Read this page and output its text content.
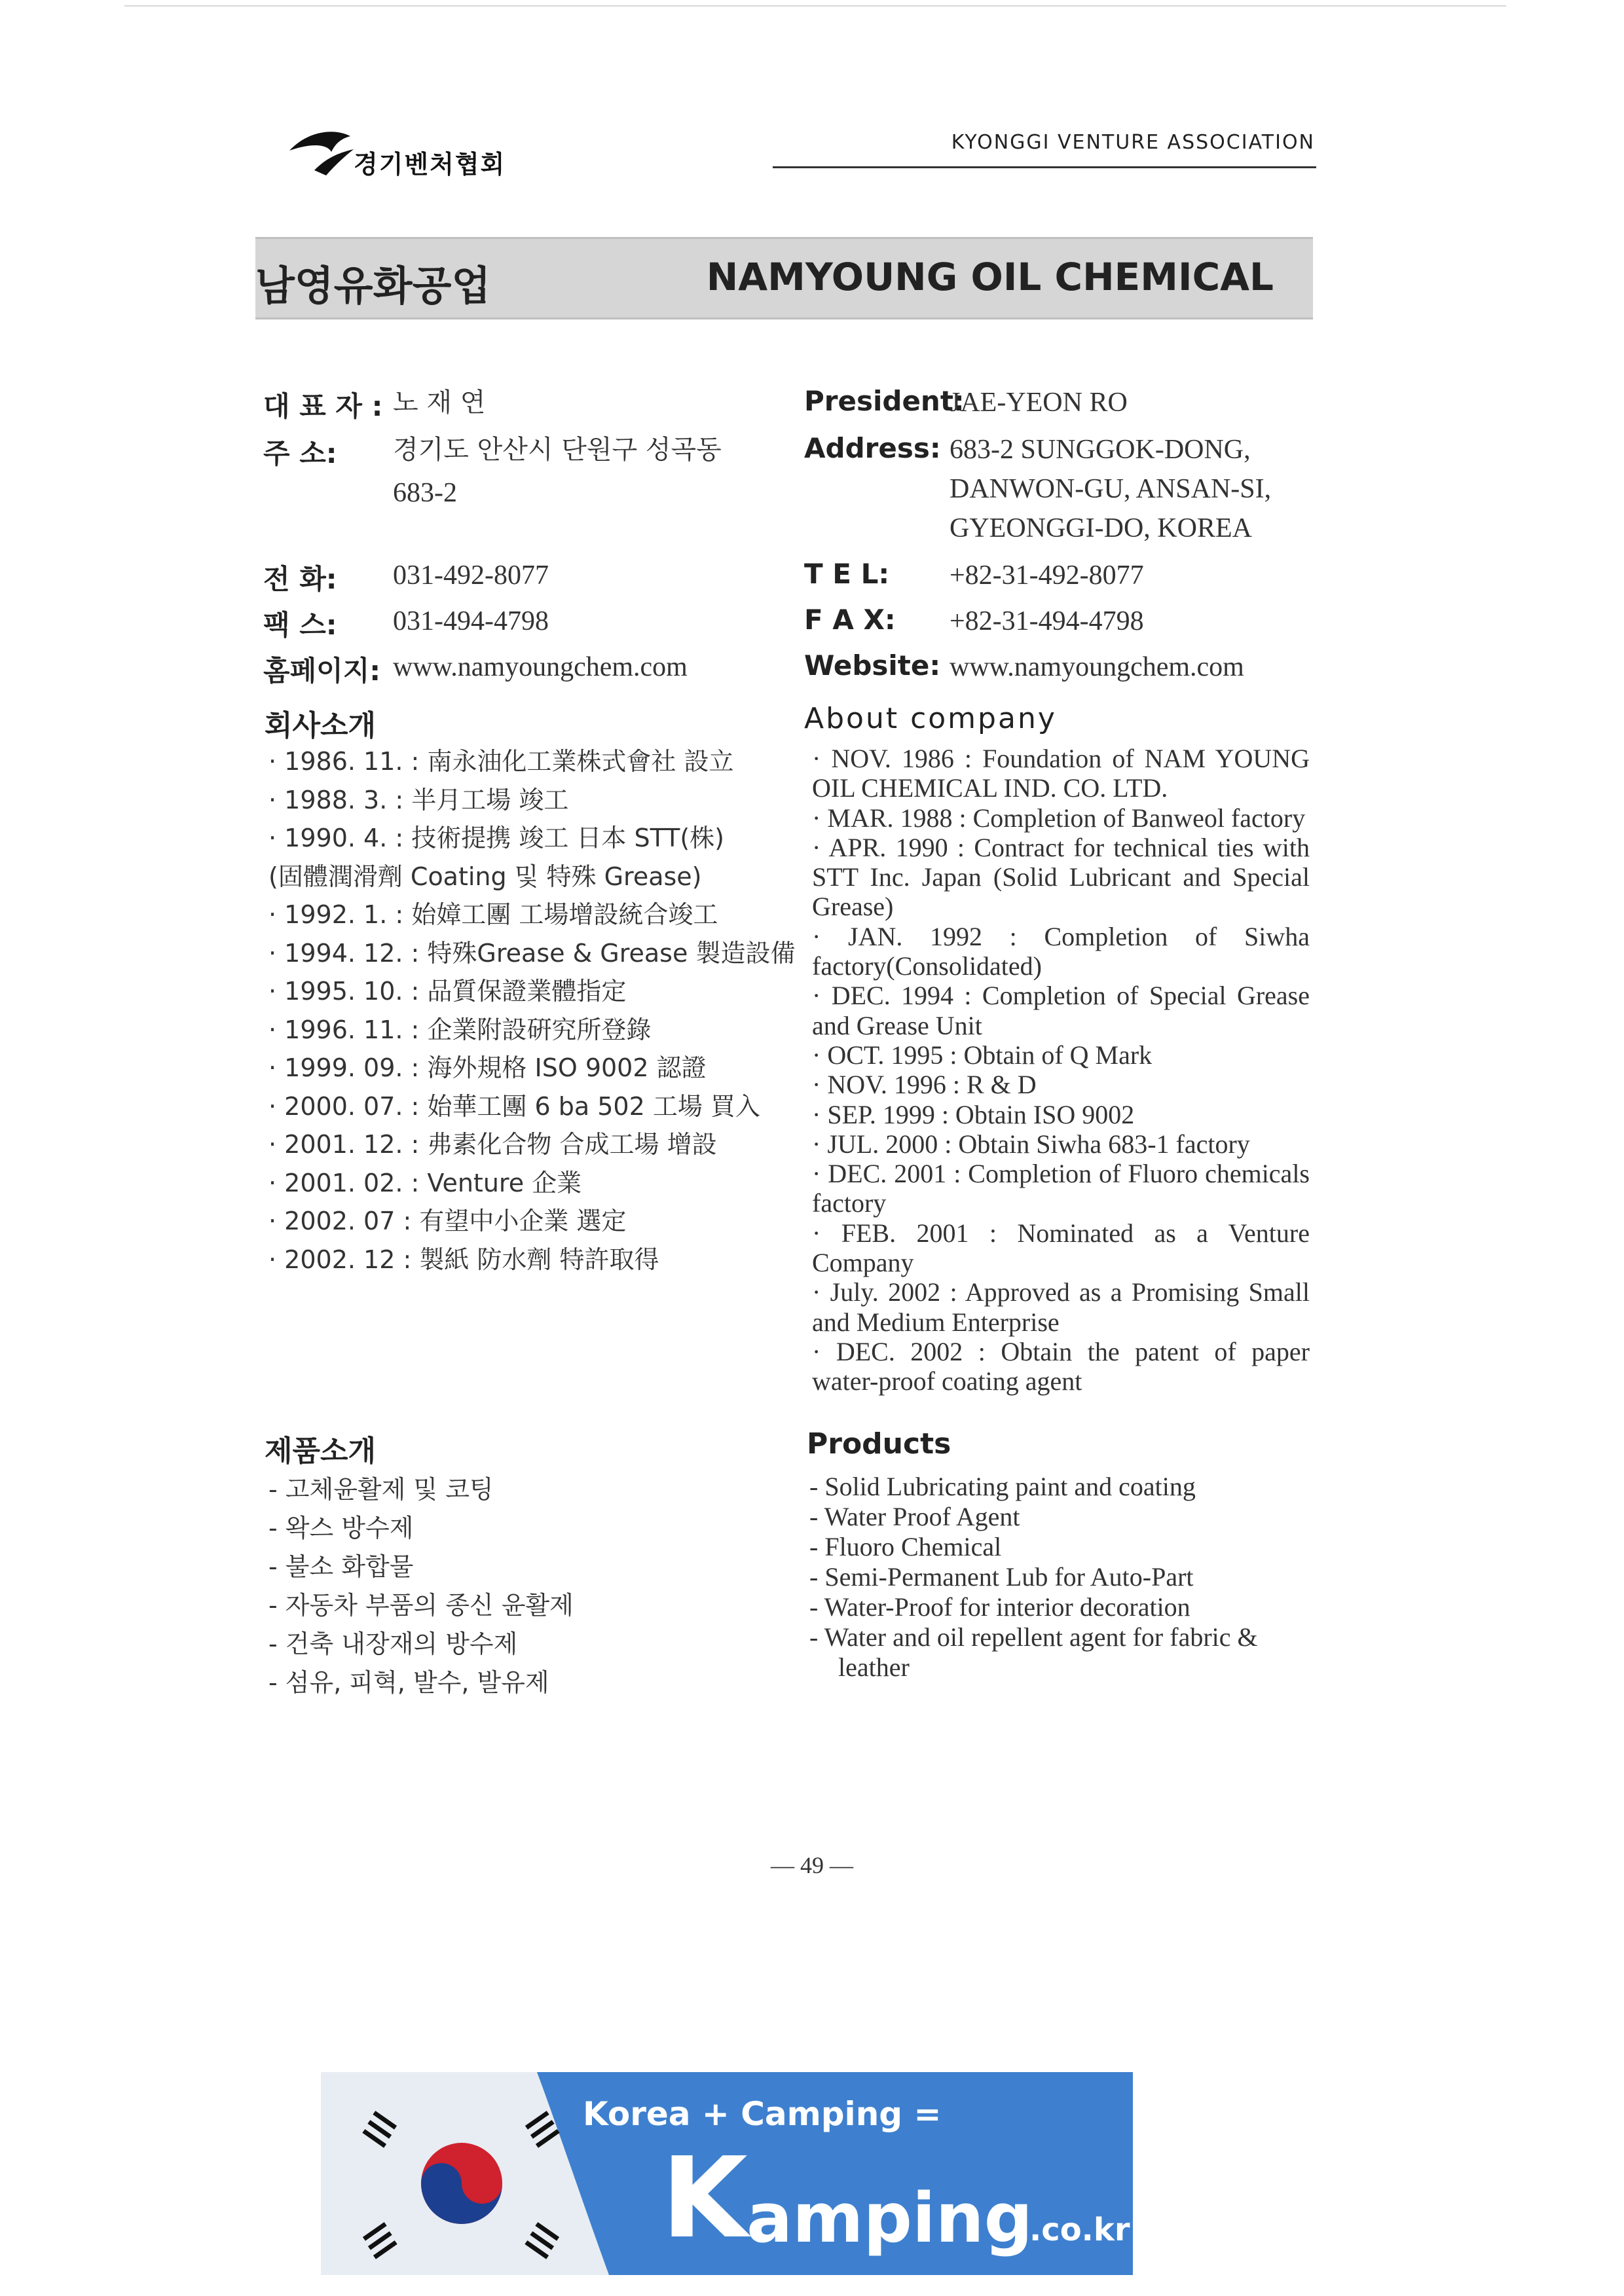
경기벤처협회
KYONGGI VENTURE ASSOCIATION
남영유화공업	NAMYOUNG OIL CHEMICAL
대 표 자 : 노 재 연
주 소: 경기도 안산시 단원구 성곡동
683-2
전 화: 031-492-8077
팩 스: 031-494-4798
홈페이지: www.namyoungchem.com
President:
JAE-YEON RO
Address: 683-2 SUNGGOK-DONG,
DANWON-GU, ANSAN-SI,
GYEONGGI-DO, KOREA
T E L: +82-31-492-8077
F A X: +82-31-494-4798
Website: www.namyoungchem.com
회사소개	About company
· 1986. 11. : 南永油化工業株式會社 設立
· 1988. 3. : 半月工場 竣工
· 1990. 4. : 技術提携 竣工 日本 STT(株)
(固體潤滑劑 Coating 및 特殊 Grease)
· 1992. 1. : 始嫜工團 工場增設統合竣工
· 1994. 12. : 特殊Grease & Grease 製造設備
· 1995. 10. : 品質保證業體指定
· 1996. 11. : 企業附設硏究所登錄
· 1999. 09. : 海外規格 ISO 9002 認證
· 2000. 07. : 始華工團 6 ba 502 工場 買入
· 2001. 12. : 弗素化合物 合成工場 增設
· 2001. 02. : Venture 企業
· 2002. 07 : 有望中小企業 選定
· 2002. 12 : 製紙 防水劑 特許取得
· NOV. 1986 : Foundation of NAM YOUNG OIL CHEMICAL IND. CO. LTD.
· MAR. 1988 : Completion of Banweol factory
· APR. 1990 : Contract for technical ties with STT Inc. Japan (Solid Lubricant and Special Grease)
· JAN. 1992 : Completion of Siwha factory(Consolidated)
· DEC. 1994 : Completion of Special Grease and Grease Unit
· OCT. 1995 : Obtain of Q Mark
· NOV. 1996 : R & D
· SEP. 1999 : Obtain ISO 9002
· JUL. 2000 : Obtain Siwha 683-1 factory
· DEC. 2001 : Completion of Fluoro chemicals factory
· FEB. 2001 : Nominated as a Venture Company
· July. 2002 : Approved as a Promising Small and Medium Enterprise
· DEC. 2002 : Obtain the patent of paper water-proof coating agent
제품소개	Products
- 고체윤활제 및 코팅
- 왁스 방수제
- 불소 화합물
- 자동차 부품의 종신 윤활제
- 건축 내장재의 방수제
- 섬유, 피혁, 발수, 발유제
- Solid Lubricating paint and coating
- Water Proof Agent
- Fluoro Chemical
- Semi-Permanent Lub for Auto-Part
- Water-Proof for interior decoration
- Water and oil repellent agent for fabric & leather
— 49 —
Korea + Camping =
K
amping
.co.kr
